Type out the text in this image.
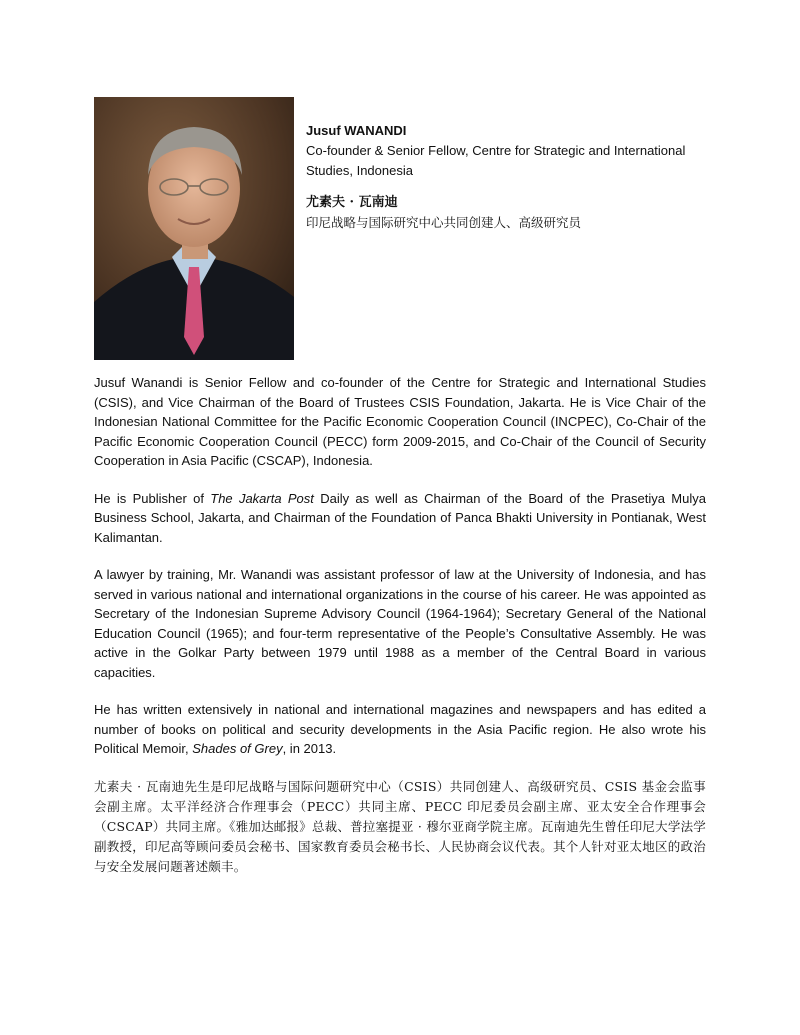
Jusuf WANANDI

Co-founder & Senior Fellow, Centre for Strategic and International Studies, Indonesia

尤素夫 · 瓦南迪

印尼战略与国际研究中心共同创建人、高级研究员

Jusuf Wanandi is Senior Fellow and co-founder of the Centre for Strategic and International Studies (CSIS), and Vice Chairman of the Board of Trustees CSIS Foundation, Jakarta. He is Vice Chair of the Indonesian National Committee for the Pacific Economic Cooperation Council (INCPEC), Co-Chair of the Pacific Economic Cooperation Council (PECC) form 2009-2015, and Co-Chair of the Council of Security Cooperation in Asia Pacific (CSCAP), Indonesia.

He is Publisher of The Jakarta Post Daily as well as Chairman of the Board of the Prasetiya Mulya Business School, Jakarta, and Chairman of the Foundation of Panca Bhakti University in Pontianak, West Kalimantan.

A lawyer by training, Mr. Wanandi was assistant professor of law at the University of Indonesia, and has served in various national and international organizations in the course of his career. He was appointed as Secretary of the Indonesian Supreme Advisory Council (1964-1964); Secretary General of the National Education Council (1965); and four-term representative of the People’s Consultative Assembly. He was active in the Golkar Party between 1979 until 1988 as a member of the Central Board in various capacities.

He has written extensively in national and international magazines and newspapers and has edited a number of books on political and security developments in the Asia Pacific region. He also wrote his Political Memoir, Shades of Grey, in 2013.

尤素夫 · 瓦南迪先生是印尼战略与国际问题研究中心（CSIS）共同创建人、高级研究员、CSIS 基金会监事会副主席。太平洋经济合作理事会（PECC）共同主席、PECC 印尼委员会副主席、亚太安全合作理事会（CSCAP）共同主席。《雅加达邮报》总裁、普拉塞提亚 · 穆尔亚商学院主席。瓦南迪先生曾任印尼大学法学副教授，印尼高等顾问委员会秘书、国家教育委员会秘书长、人民协商会议代表。其个人针对亚太地区的政治与安全发展问题著述颇丰。
